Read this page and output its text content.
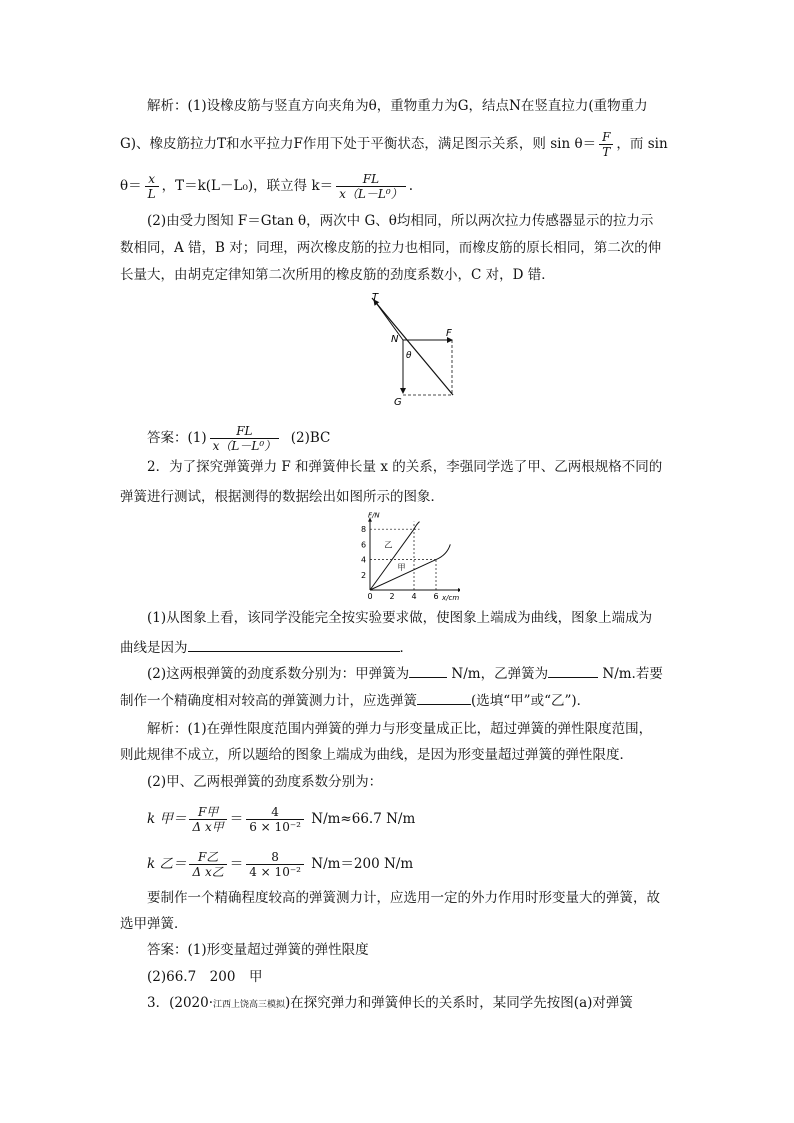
解析：(1)设橡皮筋与竖直方向夹角为θ，重物重力为G，结点N在竖直拉力(重物重力
G)、橡皮筋拉力T和水平拉力F作用下处于平衡状态，满足图示关系，则 $\sin \theta= \frac{F}{T}$ ，而 sin
$\theta= \frac{x}{L}$ ，T＝k(L－L₀)，联立得 $k= \frac{FL}{\text{x（L－L⁰）}}$ .
(2)由受力图知 F＝Gtan θ，两次中 G、θ均相同，所以两次拉力传感器显示的拉力示
数相同，A 错，B 对；同理，两次橡皮筋的拉力也相同，而橡皮筋的原长相同，第二次的伸
长量大，由胡克定律知第二次所用的橡皮筋的劲度系数小，C 对，D 错．
T
F
N
θ
G
答案：$(1) \frac{FL}{\text{x（L－L⁰）}} (2)BC$
2．为了探究弹簧弹力 F 和弹簧伸长量 x 的关系，李强同学选了甲、乙两根规格不同的
弹簧进行测试，根据测得的数据绘出如图所示的图象．
F/N
x/cm
0 2 4 6
2
4
6
8
乙
甲
(1)从图象上看，该同学没能完全按实验要求做，使图象上端成为曲线，图象上端成为
曲线是因为	．
(2)这两根弹簧的劲度系数分别为：甲弹簧为	N/m，乙弹簧为	N/m.若要
制作一个精确度相对较高的弹簧测力计，应选弹簧	(选填“甲”或“乙”)．
解析：(1)在弹性限度范围内弹簧的弹力与形变量成正比，超过弹簧的弹性限度范围，
则此规律不成立，所以题给的图象上端成为曲线，是因为形变量超过弹簧的弹性限度．
(2)甲、乙两根弹簧的劲度系数分别为：
k 甲＝ $\frac{\text{F甲}}{\text{Δ x甲}} = \frac{4}{\text{6 × 10⁻²}} N/m\approx 66.7$ N/m
k 乙＝ $\frac{\text{F乙}}{\text{Δ x乙}} = \frac{8}{\text{4 × 10⁻²}} N/m=200$ N/m
要制作一个精确程度较高的弹簧测力计，应选用一定的外力作用时形变量大的弹簧，故
选甲弹簧．
答案：(1)形变量超过弹簧的弹性限度
(2)66.7　200　甲
3．(2020·江西上饶高三模拟)在探究弹力和弹簧伸长的关系时，某同学先按图(a)对弹簧
